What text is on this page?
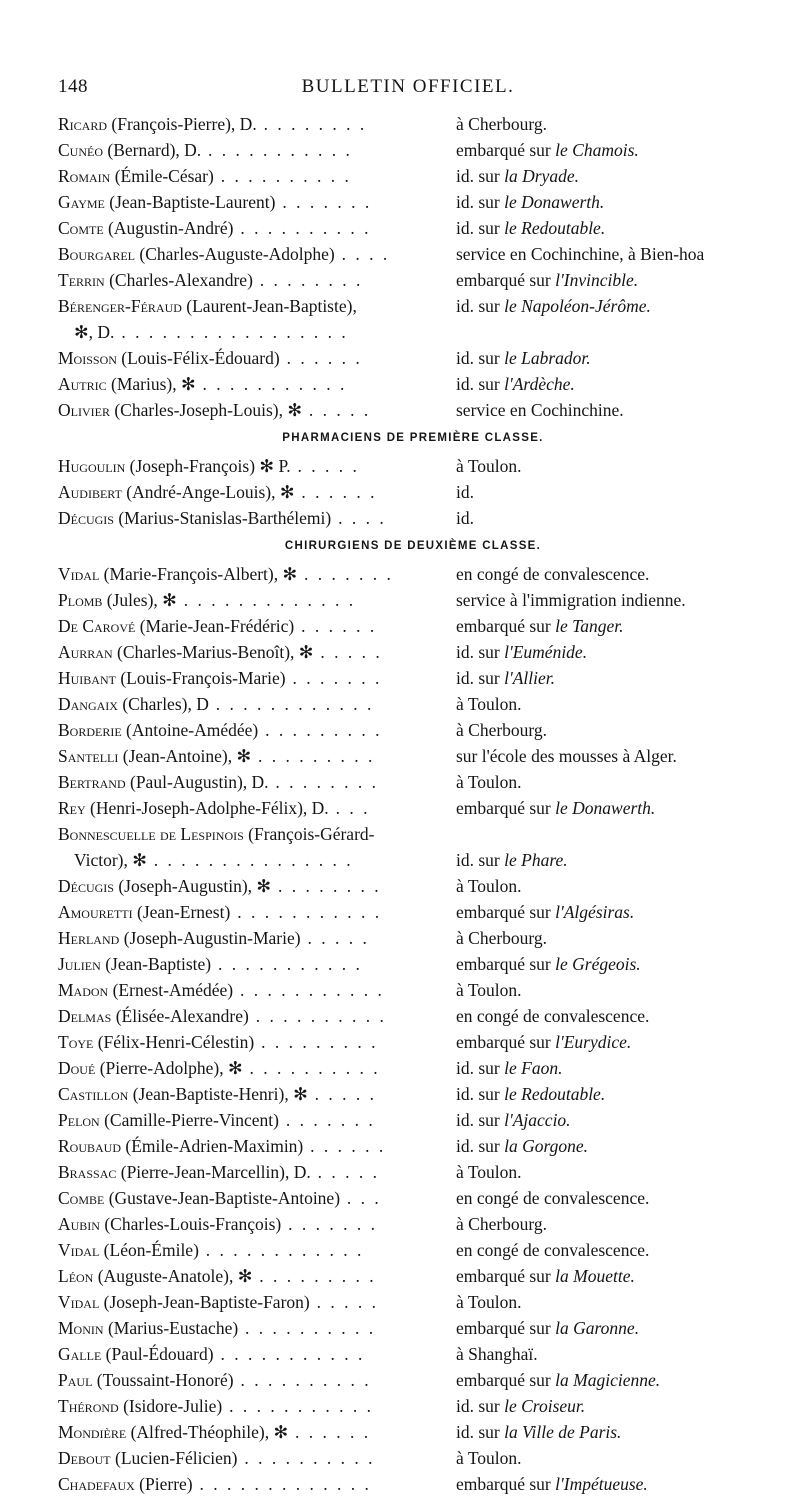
148	BULLETIN OFFICIEL.
Ricard (François-Pierre), D. . . . . . . . .	à Cherbourg.
Cunéo (Bernard), D. . . . . . . . . . . .	embarqué sur le Chamois.
Romain (Émile-César) . . . . . . . . . .	id. sur la Dryade.
Gayme (Jean-Baptiste-Laurent) . . . . . . .	id. sur le Donawerth.
Comte (Augustin-André) . . . . . . . . . .	id. sur le Redoutable.
Bourgarel (Charles-Auguste-Adolphe) . . . .	service en Cochinchine, à Bien-hoa
Terrin (Charles-Alexandre) . . . . . . . .	embarqué sur l'Invincible.
Bérenger-Féraud (Laurent-Jean-Baptiste),	id. sur le Napoléon-Jérôme.
✻, D. . . . . . . . . . . . . . . . . .
Moisson (Louis-Félix-Édouard) . . . . . .	id. sur le Labrador.
Autric (Marius), ✻ . . . . . . . . . . .	id. sur l'Ardèche.
Olivier (Charles-Joseph-Louis), ✻ . . . . .	service en Cochinchine.
PHARMACIENS DE PREMIÈRE CLASSE.
Hugoulin (Joseph-François) ✻ P. . . . . .	à Toulon.
Audibert (André-Ange-Louis), ✻ . . . . . .	id.
Décugis (Marius-Stanislas-Barthélemi) . . . .	id.
CHIRURGIENS DE DEUXIÈME CLASSE.
Vidal (Marie-François-Albert), ✻ . . . . . . .	en congé de convalescence.
Plomb (Jules), ✻ . . . . . . . . . . . . .	service à l'immigration indienne.
De Carové (Marie-Jean-Frédéric) . . . . . .	embarqué sur le Tanger.
Aurran (Charles-Marius-Benoît), ✻ . . . . .	id. sur l'Euménide.
Huibant (Louis-François-Marie) . . . . . . .	id. sur l'Allier.
Dangaix (Charles), D . . . . . . . . . . . .	à Toulon.
Borderie (Antoine-Amédée) . . . . . . . . .	à Cherbourg.
Santelli (Jean-Antoine), ✻ . . . . . . . . .	sur l'école des mousses à Alger.
Bertrand (Paul-Augustin), D. . . . . . . . .	à Toulon.
Rey (Henri-Joseph-Adolphe-Félix), D. . . .	embarqué sur le Donawerth.
Bonnescuelle de Lespinois (François-Gérard-
Victor), ✻ . . . . . . . . . . . . . . .	id. sur le Phare.
Décugis (Joseph-Augustin), ✻ . . . . . . . .	à Toulon.
Amouretti (Jean-Ernest) . . . . . . . . . . .	embarqué sur l'Algésiras.
Herland (Joseph-Augustin-Marie) . . . . .	à Cherbourg.
Julien (Jean-Baptiste) . . . . . . . . . . .	embarqué sur le Grégeois.
Madon (Ernest-Amédée) . . . . . . . . . . .	à Toulon.
Delmas (Élisée-Alexandre) . . . . . . . . . .	en congé de convalescence.
Toye (Félix-Henri-Célestin) . . . . . . . . .	embarqué sur l'Eurydice.
Doué (Pierre-Adolphe), ✻ . . . . . . . . . .	id. sur le Faon.
Castillon (Jean-Baptiste-Henri), ✻ . . . . .	id. sur le Redoutable.
Pelon (Camille-Pierre-Vincent) . . . . . . .	id. sur l'Ajaccio.
Roubaud (Émile-Adrien-Maximin) . . . . . .	id. sur la Gorgone.
Brassac (Pierre-Jean-Marcellin), D. . . . . .	à Toulon.
Combe (Gustave-Jean-Baptiste-Antoine) . . .	en congé de convalescence.
Aubin (Charles-Louis-François) . . . . . . .	à Cherbourg.
Vidal (Léon-Émile) . . . . . . . . . . . .	en congé de convalescence.
Léon (Auguste-Anatole), ✻ . . . . . . . . .	embarqué sur la Mouette.
Vidal (Joseph-Jean-Baptiste-Faron) . . . . .	à Toulon.
Monin (Marius-Eustache) . . . . . . . . . .	embarqué sur la Garonne.
Galle (Paul-Édouard) . . . . . . . . . . .	à Shanghaï.
Paul (Toussaint-Honoré) . . . . . . . . . .	embarqué sur la Magicienne.
Thérond (Isidore-Julie) . . . . . . . . . . .	id. sur le Croiseur.
Mondière (Alfred-Théophile), ✻ . . . . . .	id. sur la Ville de Paris.
Debout (Lucien-Félicien) . . . . . . . . . .	à Toulon.
Chadefaux (Pierre) . . . . . . . . . . . . .	embarqué sur l'Impétueuse.
